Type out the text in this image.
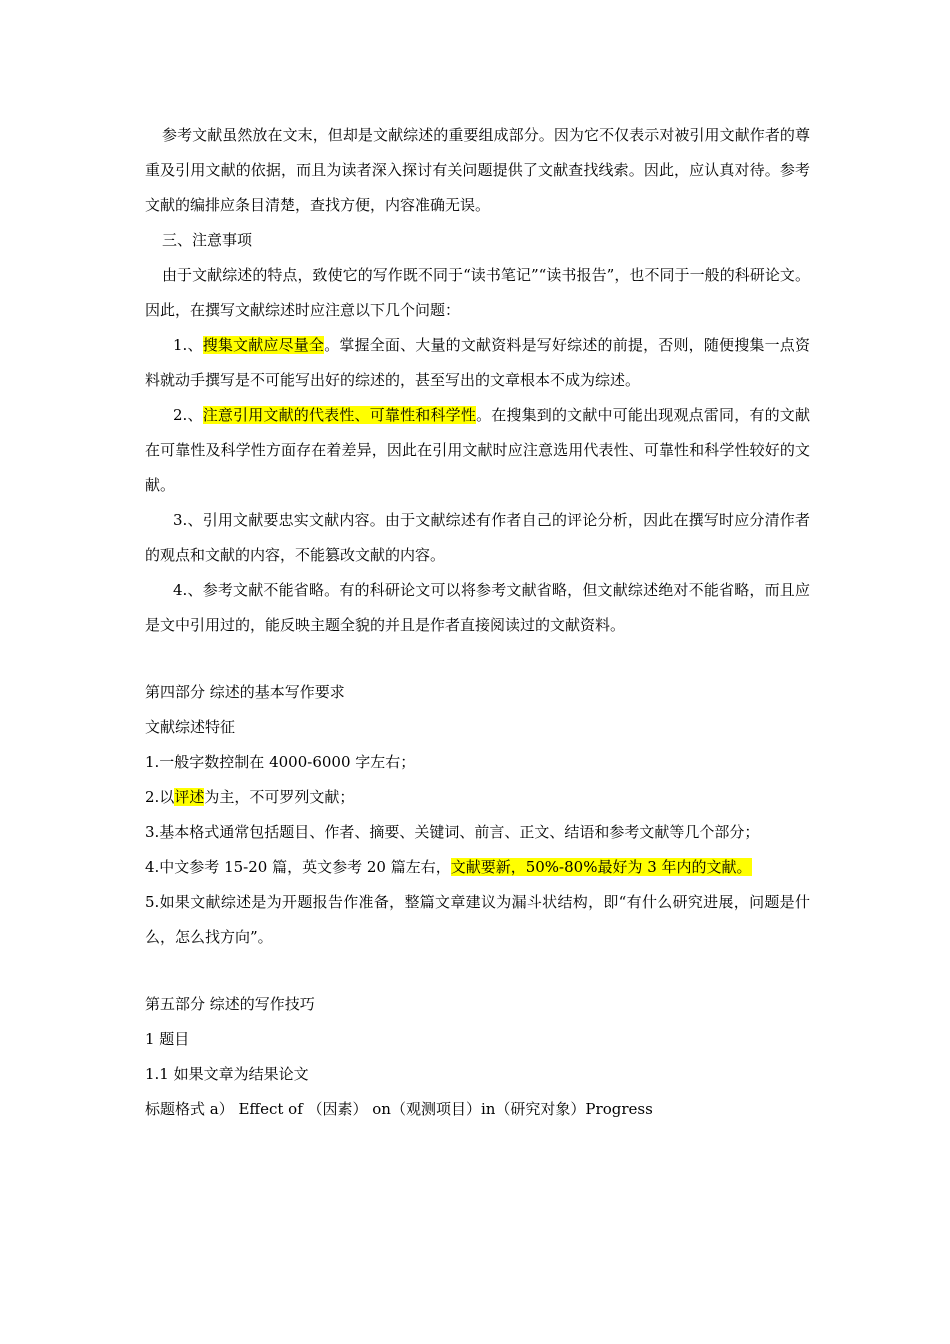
参考文献虽然放在文末，但却是文献综述的重要组成部分。因为它不仅表示对被引用文献作者的尊重及引用文献的依据，而且为读者深入探讨有关问题提供了文献查找线索。因此，应认真对待。参考文献的编排应条目清楚，查找方便，内容准确无误。

三、注意事项

由于文献综述的特点，致使它的写作既不同于“读书笔记”“读书报告”，也不同于一般的科研论文。因此，在撰写文献综述时应注意以下几个问题：

1.、搜集文献应尽量全。掌握全面、大量的文献资料是写好综述的前提，否则，随便搜集一点资料就动手撰写是不可能写出好的综述的，甚至写出的文章根本不成为综述。

2.、注意引用文献的代表性、可靠性和科学性。在搜集到的文献中可能出现观点雷同，有的文献在可靠性及科学性方面存在着差异，因此在引用文献时应注意选用代表性、可靠性和科学性较好的文献。

3.、引用文献要忠实文献内容。由于文献综述有作者自己的评论分析，因此在撰写时应分清作者的观点和文献的内容，不能篡改文献的内容。

4.、参考文献不能省略。有的科研论文可以将参考文献省略，但文献综述绝对不能省略，而且应是文中引用过的，能反映主题全貌的并且是作者直接阅读过的文献资料。

第四部分 综述的基本写作要求

文献综述特征

1.一般字数控制在 4000-6000 字左右；

2.以评述为主，不可罗列文献；

3.基本格式通常包括题目、作者、摘要、关键词、前言、正文、结语和参考文献等几个部分；

4.中文参考 15-20 篇，英文参考 20 篇左右，文献要新，50%-80%最好为 3 年内的文献。

5.如果文献综述是为开题报告作准备，整篇文章建议为漏斗状结构，即“有什么研究进展，问题是什么，怎么找方向”。

第五部分 综述的写作技巧

1 题目

1.1 如果文章为结果论文

标题格式 a） Effect of （因素） on（观测项目）in（研究对象）Progress
